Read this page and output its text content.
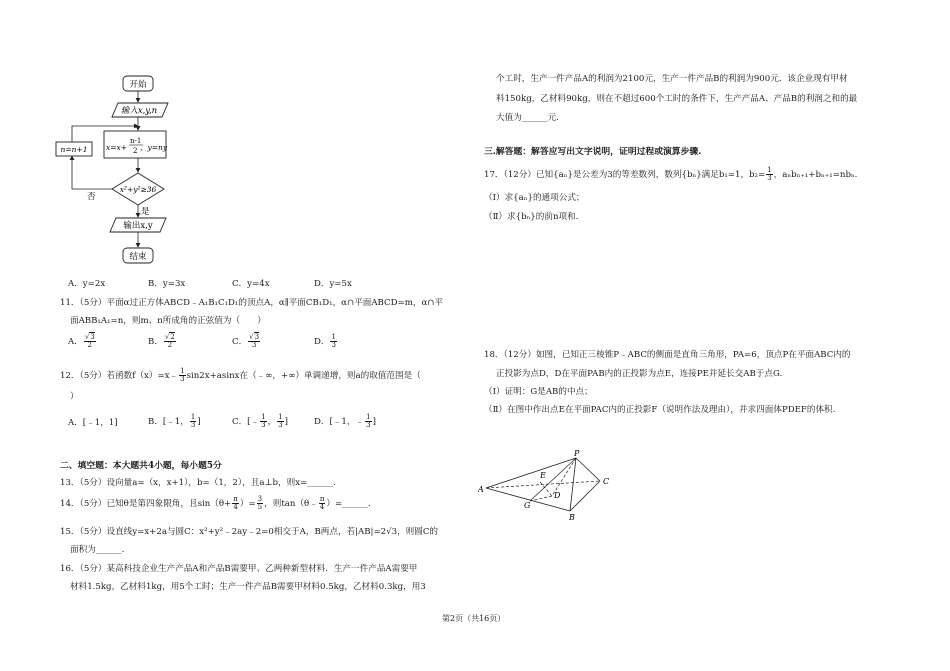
开始
输入x,y,n
x=x+
n-1
2 ，y=ny
x²+y²≥36
否
n=n+1
是
输出x,y
结束
A．y=2x	B．y=3x	C．y=4x	D．y=5x
11．（5分）平面α过正方体ABCD﹣A₁B₁C₁D₁的顶点A，α∥平面CB₁D₁，α∩平面ABCD=m，α∩平
面ABB₁A₁=n，则m、n所成角的正弦值为（　　）
A． $\frac{√3}{2}$	B． $\frac{√2}{2}$	C． $\frac{√3}{3}$	D． $\frac{1}{3}$
12．（5分）若函数f（x）=x﹣ $\frac{1}{3} \sin 2x+asinx$在（﹣∞，+∞）单调递增，则a的取值范围是（
）
A．[﹣1，1]	B．[﹣1， $\frac{1}{3}$ ]	C．[﹣ $\frac{1}{3}$ ， $\frac{1}{3}$ ]	D．[﹣1，﹣ $\frac{1}{3}$ ]
二、填空题：本大题共4小题，每小题5分
13．（5分）设向量a=（x，x+1），b=（1，2），且a⊥b，则x=______.
14．（5分）已知θ是第四象限角，且$\sin(\theta+ \frac{\pi}{4}$ ）= $\frac{3}{5}$ ，则tan（θ﹣ $\frac{\pi}{4}$ ）=______.
15．（5分）设直线y=x+2a与圆C：x²+y²﹣2ay﹣2=0相交于A，B两点，若|AB|=2√3，则圆C的
面积为______.
16．（5分）某高科技企业生产产品A和产品B需要甲、乙两种新型材料．生产一件产品A需要甲
材料1.5kg，乙材料1kg，用5个工时；生产一件产品B需要甲材料0.5kg，乙材料0.3kg，用3
个工时，生产一件产品A的利润为2100元，生产一件产品B的利润为900元．该企业现有甲材
料150kg，乙材料90kg，则在不超过600个工时的条件下，生产产品A、产品B的利润之和的最
大值为______元.
三.解答题：解答应写出文字说明，证明过程或演算步骤.
17．（12分）已知{aₙ}是公差为3的等差数列，数列{bₙ}满足b₁=1，$b_2= \frac{1}{3}$ ，aₙbₙ₊₁+bₙ₊₁=nbₙ.
（Ⅰ）求{aₙ}的通项公式；
（Ⅱ）求{bₙ}的前n项和.
18．（12分）如图，已知正三棱锥P﹣ABC的侧面是直角三角形，PA=6，顶点P在平面ABC内的
正投影为点D，D在平面PAB内的正投影为点E，连接PE并延长交AB于点G.
（Ⅰ）证明：G是AB的中点；
（Ⅱ）在图中作出点E在平面PAC内的正投影F（说明作法及理由），并求四面体PDEF的体积.
P
A
B
C
D
E
G
第2页（共16页）
